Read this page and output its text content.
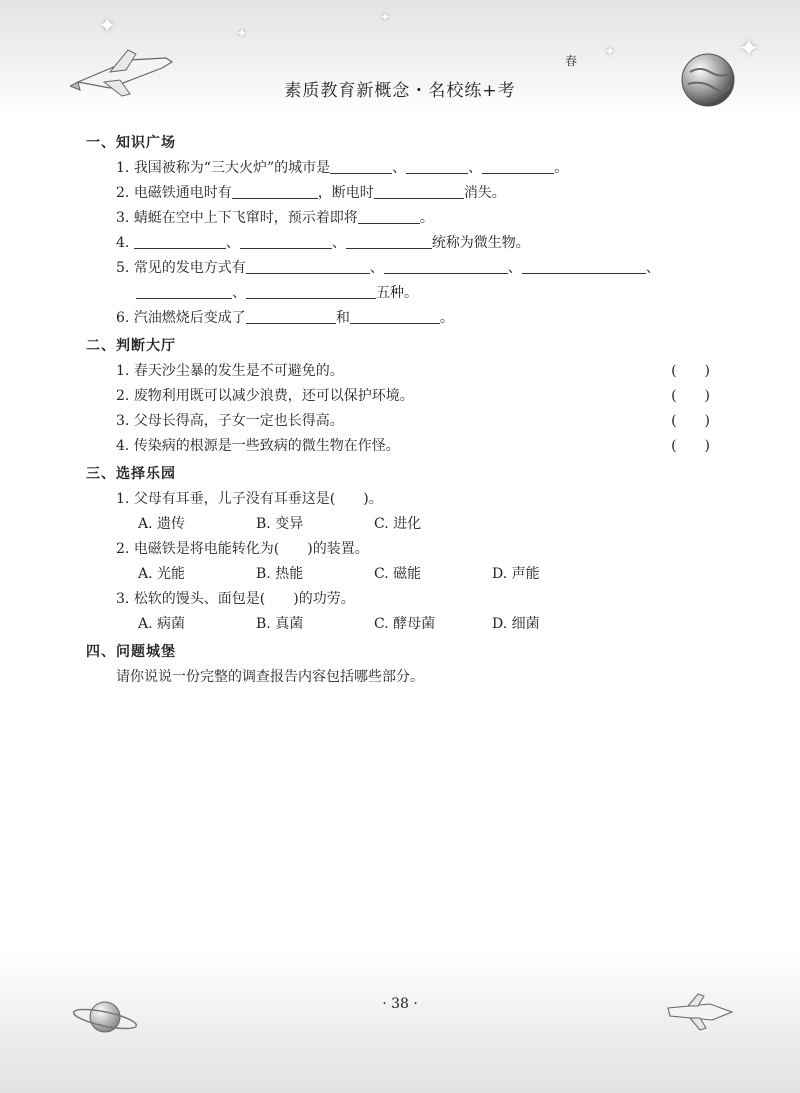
✦	✦
✦
✦	✦
春
素质教育新概念・名校练+考
一、知识广场
1. 我国被称为“三大火炉”的城市是	、	、	。
2. 电磁铁通电时有	，断电时	消失。
3. 蜻蜓在空中上下飞窜时，预示着即将	。
4.	、	、	统称为微生物。
5. 常见的发电方式有	、	、	、
、	五种。
6. 汽油燃烧后变成了	和	。
二、判断大厅
1. 春天沙尘暴的发生是不可避免的。	(　　)
2. 废物利用既可以减少浪费，还可以保护环境。	(　　)
3. 父母长得高，子女一定也长得高。	(　　)
4. 传染病的根源是一些致病的微生物在作怪。	(　　)
三、选择乐园
1. 父母有耳垂，儿子没有耳垂这是(　　)。
A. 遗传	B. 变异	C. 进化
2. 电磁铁是将电能转化为(　　)的装置。
A. 光能	B. 热能	C. 磁能	D. 声能
3. 松软的馒头、面包是(　　)的功劳。
A. 病菌	B. 真菌	C. 酵母菌	D. 细菌
四、问题城堡
请你说说一份完整的调查报告内容包括哪些部分。
· 38 ·
